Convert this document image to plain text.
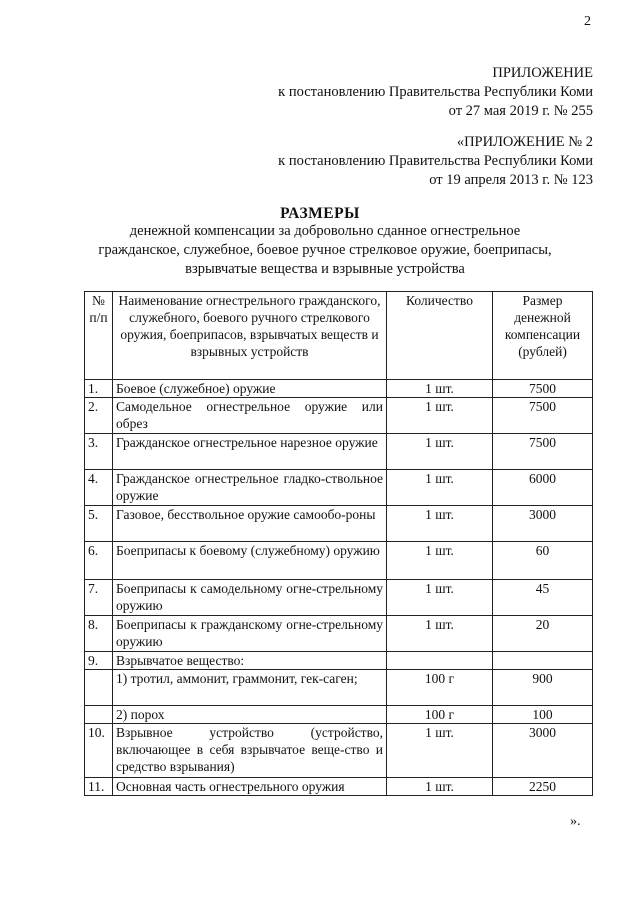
2
ПРИЛОЖЕНИЕ
к постановлению Правительства Республики Коми
от 27 мая 2019 г. № 255
«ПРИЛОЖЕНИЕ № 2
к постановлению Правительства Республики Коми
от 19 апреля 2013 г. № 123
РАЗМЕРЫ
денежной компенсации за добровольно сданное огнестрельное
гражданское, служебное, боевое ручное стрелковое оружие, боеприпасы,
взрывчатые вещества и взрывные устройства
№ п/п	Наименование огнестрельного гражданского, служебного, боевого ручного стрелкового оружия, боеприпасов, взрывчатых веществ и взрывных устройств	Количество	Размер денежной компенсации (рублей)
1.	Боевое (служебное) оружие	1 шт.	7500
2.	Самодельное огнестрельное оружие или обрез	1 шт.	7500
3.	Гражданское огнестрельное нарезное оружие	1 шт.	7500
4.	Гражданское огнестрельное гладко-ствольное оружие	1 шт.	6000
5.	Газовое, бесствольное оружие самообо-роны	1 шт.	3000
6.	Боеприпасы к боевому (служебному) оружию	1 шт.	60
7.	Боеприпасы к самодельному огне-стрельному оружию	1 шт.	45
8.	Боеприпасы к гражданскому огне-стрельному оружию	1 шт.	20
9.	Взрывчатое вещество:		
	1) тротил, аммонит, граммонит, гек-саген;	100 г	900
	2) порох	100 г	100
10.	Взрывное устройство (устройство, включающее в себя взрывчатое веще-ство и средство взрывания)	1 шт.	3000
11.	Основная часть огнестрельного оружия	1 шт.	2250
».
